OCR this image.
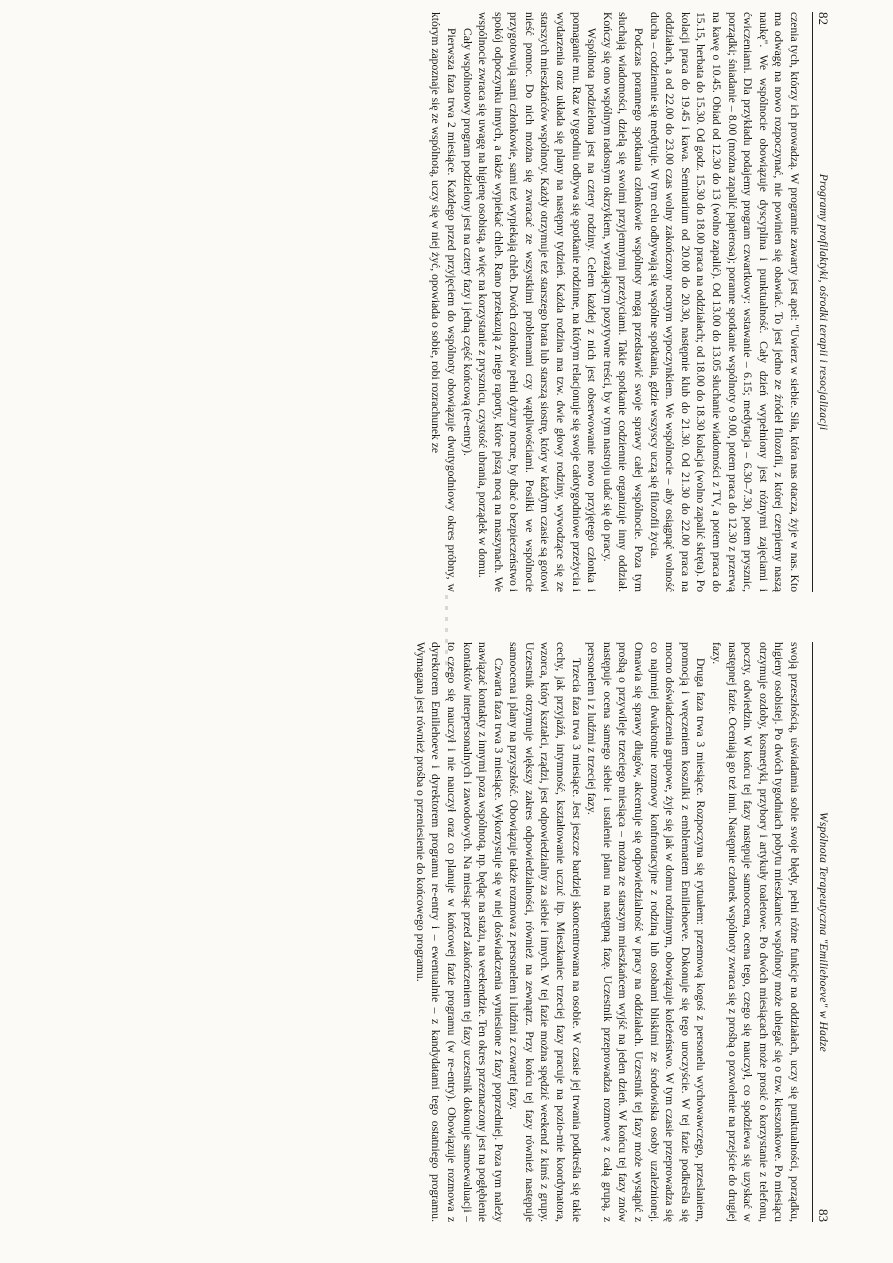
82
Programy profilaktyki, ośrodki terapii i resocjalizacji

czenia tych, którzy ich prowadzą. W programie zawarty jest apel: "Uwierz w siebie. Siła, która nas otacza, żyje w nas. Kto ma odwagę na nowo rozpoczynać, nie powinien się obawiać. To jest jedno ze źródeł filozofii, z której czerpiemy naszą naukę". We wspólnocie obowiązuje dyscyplina i punktualność. Cały dzień wypełniony jest różnymi zajęciami i ćwiczeniami. Dla przykładu podajemy program czwartkowy: wstawanie – 6.15; medytacja – 6.30–7.30, potem prysznic, porządki; śniadanie – 8.00 (można zapalić papierosa); poranne spotkanie wspólnoty o 9.00, potem praca do 12.30 z przerwą na kawę o 10.45. Obiad od 12.30 do 13 (wolno zapalić). Od 13.00 do 13.05 słuchanie wiadomości z TV, a potem praca do 15.15, herbata do 15.30. Od godz. 15.30 do 18.00 praca na oddziałach; od 18.00 do 18.30 kolacja (wolno zapalić skręta). Po kolacji praca do 19.45 i kawa. Seminarium od 20.00 do 20.30, następnie klub do 21.30. Od 21.30 do 22.00 praca na oddziałach, a od 22.00 do 23.00 czas wolny zakończony nocnym wypoczynkiem. We wspólnocie – aby osiągnąć wolność ducha – codziennie się medytuje. W tym celu odbywają się wspólne spotkania, gdzie wszyscy uczą się filozofii życia.

Podczas porannego spotkania członkowie wspólnoty mogą przedstawić swoje sprawy całej wspólnocie. Poza tym słuchają wiadomości, dzielą się swoimi przyjemnymi przeżyciami. Takie spotkanie codziennie organizuje inny oddział. Kończy się ono wspólnym radosnym okrzykiem, wyrażającym pozytywne treści, by w tym nastroju udać się do pracy.

Wspólnota podzielona jest na cztery rodziny. Celem każdej z nich jest obserwowanie nowo przyjętego członka i pomaganie mu. Raz w tygodniu odbywa się spotkanie rodzinne, na którym relacjonuje się swoje całotygodniowe przeżycia i wydarzenia oraz układa się plany na następny tydzień. Każda rodzina ma tzw. dwie głowy rodziny, wywodzące się ze starszych mieszkańców wspólnoty. Każdy otrzymuje też starszego brata lub starszą siostrę, który w każdym czasie są gotowi nieść pomoc. Do nich można się zwracać ze wszystkimi problemami czy wątpliwościami. Posiłki we wspólnocie przygotowują sami członkowie, sami też wypiekają chleb. Dwóch członków pełni dyżury nocne, by dbać o bezpieczeństwo i spokój odpoczynku innych, a także wypiekać chleb. Rano przekazują z niego raporty, które piszą nocą na maszynach. We wspólnocie zwraca się uwagę na higienę osobistą, a więc na korzystanie z prysznicu, czystość ubrania, porządek w domu.

Cały wspólnotowy program podzielony jest na cztery fazy i jedną część końcową (re-entry).

Pierwsza faza trwa 2 miesiące. Każdego przed przyjęciem do wspólnoty obowiązuje dwutygodniowy okres próbny, w którym zapoznaje się ze wspólnotą, uczy się w niej żyć, opowiada o sobie, robi rozrachunek ze

Wspólnota Terapeutyczna "Emiliehoeve" w Hadze
83

swoją przeszłością, uświadamia sobie swoje błędy, pełni różne funkcje na oddziałach, uczy się punktualności, porządku, higieny osobistej. Po dwóch tygodniach pobytu mieszkaniec wspólnoty może ubiegać się o tzw. kieszonkowe. Po miesiącu otrzymuje ozdoby, kosmetyki, przybory i artykuły toaletowe. Po dwóch miesiącach może prosić o korzystanie z telefonu, poczty, odwiedzin. W końcu tej fazy następuje samoocena, ocena tego, czego się nauczył, co spodziewa się uzyskać w następnej fazie. Oceniają go też inni. Następnie członek wspólnoty zwraca się z prośbą o pozwolenie na przejście do drugiej fazy.

Druga faza trwa 3 miesiące. Rozpoczyna się rytuałem: przemową kogoś z personelu wychowawczego, przeslaniem, promocją i wręczeniem koszulki z emblematem Emiliehoeve. Dokonuje się tego uroczyście. W tej fazie podkreśla się mocno doświadczenia grupowe, żyje się jak w domu rodzinnym, obowiązuje koleżeństwo. W tym czasie przeprowadza się co najmniej dwukrotnie rozmowy konfrontacyjne z rodziną lub osobami bliskimi ze środowiska osoby uzależnionej. Omawia się sprawy długów, akcentuje się odpowiedzialność w pracy na oddziałach. Uczestnik tej fazy może wystąpić z prośbą o przywileje trzeciego miesiąca – można ze starszym mieszkańcem wyjść na jeden dzień. W końcu tej fazy znów następuje ocena samego siebie i ustalenie planu na następną fazę. Uczestnik przeprowadza rozmowę z całą grupą, z personelem i z ludźmi z trzeciej fazy.

Trzecia faza trwa 3 miesiące. Jest jeszcze bardziej skoncentrowana na osobie. W czasie jej trwania podkreśla się takie cechy, jak przyjaźń, intymność, kształtowanie uczuć itp. Mieszkaniec trzeciej fazy pracuje na pozio-mie koordynatora, wzorca, który kształci, rządzi, jest odpowiedzialny za siebie i innych. W tej fazie można spędzić weekend z kimś z grupy. Uczestnik otrzymuje większy zakres odpowiedzialności, również na zewnątrz. Przy końcu tej fazy również następuje samoocena i plany na przyszłość. Obowiązuje także rozmowa z personelem i ludźmi z czwartej fazy.

Czwarta faza trwa 3 miesiące. Wykorzystuje się w niej doświadczenia wyniesione z fazy poprzedniej. Poza tym należy nawiązać kontakty z innymi poza wspólnotą, np. będąc na stażu, na weekendzie. Ten okres przeznaczony jest na pogłębienie kontaktów interpersonalnych i zawodowych. Na miesiąc przed zakończeniem tej fazy uczestnik dokonuje samoewaluacji – to czego się nauczył i nie nauczył oraz co planuje w końcowej fazie programu (w re-entry). Obowiązuje rozmowa z dyrektorem Emiliehoeve i dyrektorem programu re-entry i – ewentualnie – z kandydatami tego ostatniego programu. Wymagana jest również prośba o przeniesienie do końcowego programu.
